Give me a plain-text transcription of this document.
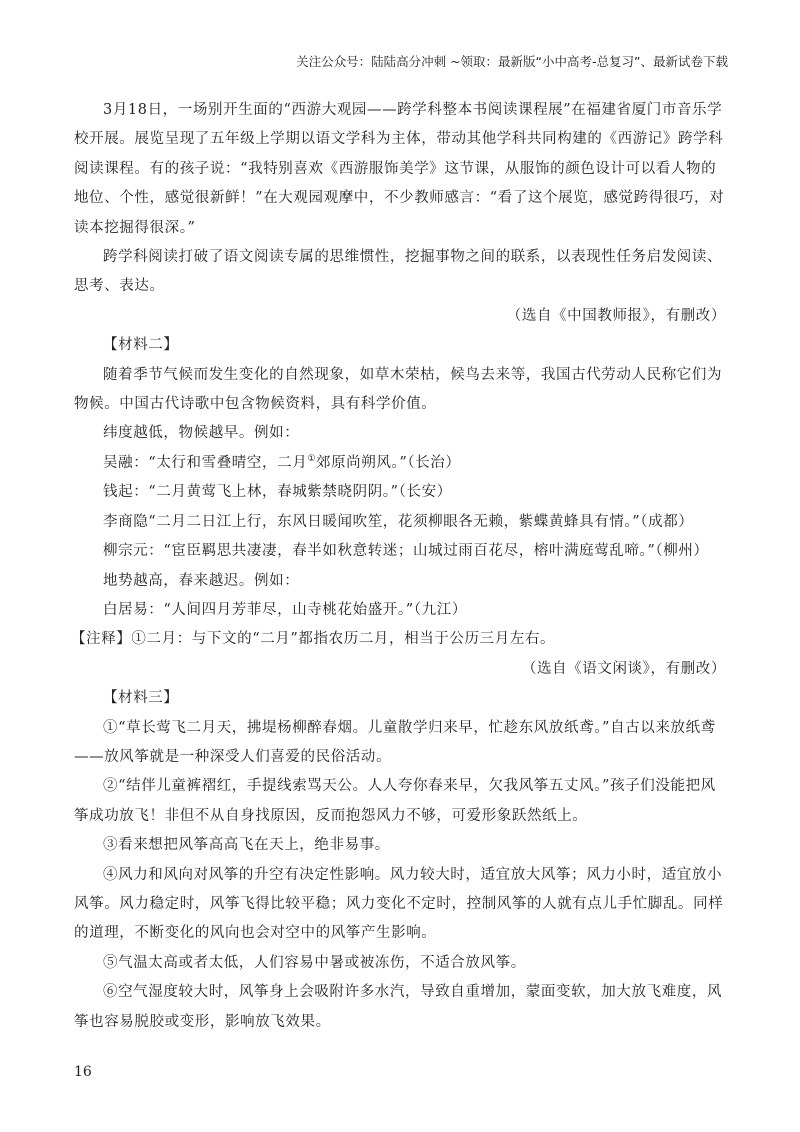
关注公众号：陆陆高分冲刺 ~领取：最新版“小中高考-总复习”、最新试卷下载

3月18日，一场别开生面的“西游大观园——跨学科整本书阅读课程展”在福建省厦门市音乐学校开展。展览呈现了五年级上学期以语文学科为主体，带动其他学科共同构建的《西游记》跨学科阅读课程。有的孩子说：“我特别喜欢《西游服饰美学》这节课，从服饰的颜色设计可以看人物的地位、个性，感觉很新鲜！”在大观园观摩中，不少教师感言：“看了这个展览，感觉跨得很巧，对读本挖掘得很深。”

跨学科阅读打破了语文阅读专属的思维惯性，挖掘事物之间的联系，以表现性任务启发阅读、思考、表达。

（选自《中国教师报》，有删改）

【材料二】

随着季节气候而发生变化的自然现象，如草木荣枯，候鸟去来等，我国古代劳动人民称它们为物候。中国古代诗歌中包含物候资料，具有科学价值。

纬度越低，物候越早。例如：

吴融：“太行和雪叠晴空，二月①郊原尚朔风。”（长治）

钱起：“二月黄莺飞上林，春城紫禁晓阴阴。”（长安）

李商隐“二月二日江上行，东风日暖闻吹笙，花须柳眼各无赖，紫蝶黄蜂具有情。”（成都）

柳宗元：“宦臣羁思共凄凄，春半如秋意转迷；山城过雨百花尽，榕叶满庭莺乱啼。”（柳州）

地势越高，春来越迟。例如：

白居易：“人间四月芳菲尽，山寺桃花始盛开。”（九江）

【注释】①二月：与下文的“二月”都指农历二月，相当于公历三月左右。

（选自《语文闲谈》，有删改）

【材料三】

①“草长莺飞二月天，拂堤杨柳醉春烟。儿童散学归来早，忙趁东风放纸鸢。”自古以来放纸鸢——放风筝就是一种深受人们喜爱的民俗活动。

②“结伴儿童裤褶红，手提线索骂天公。人人夸你春来早，欠我风筝五丈风。”孩子们没能把风筝成功放飞！非但不从自身找原因，反而抱怨风力不够，可爱形象跃然纸上。

③看来想把风筝高高飞在天上，绝非易事。

④风力和风向对风筝的升空有决定性影响。风力较大时，适宜放大风筝；风力小时，适宜放小风筝。风力稳定时，风筝飞得比较平稳；风力变化不定时，控制风筝的人就有点儿手忙脚乱。同样的道理，不断变化的风向也会对空中的风筝产生影响。

⑤气温太高或者太低，人们容易中暑或被冻伤，不适合放风筝。

⑥空气湿度较大时，风筝身上会吸附许多水汽，导致自重增加，蒙面变软，加大放飞难度，风筝也容易脱胶或变形，影响放飞效果。

16
